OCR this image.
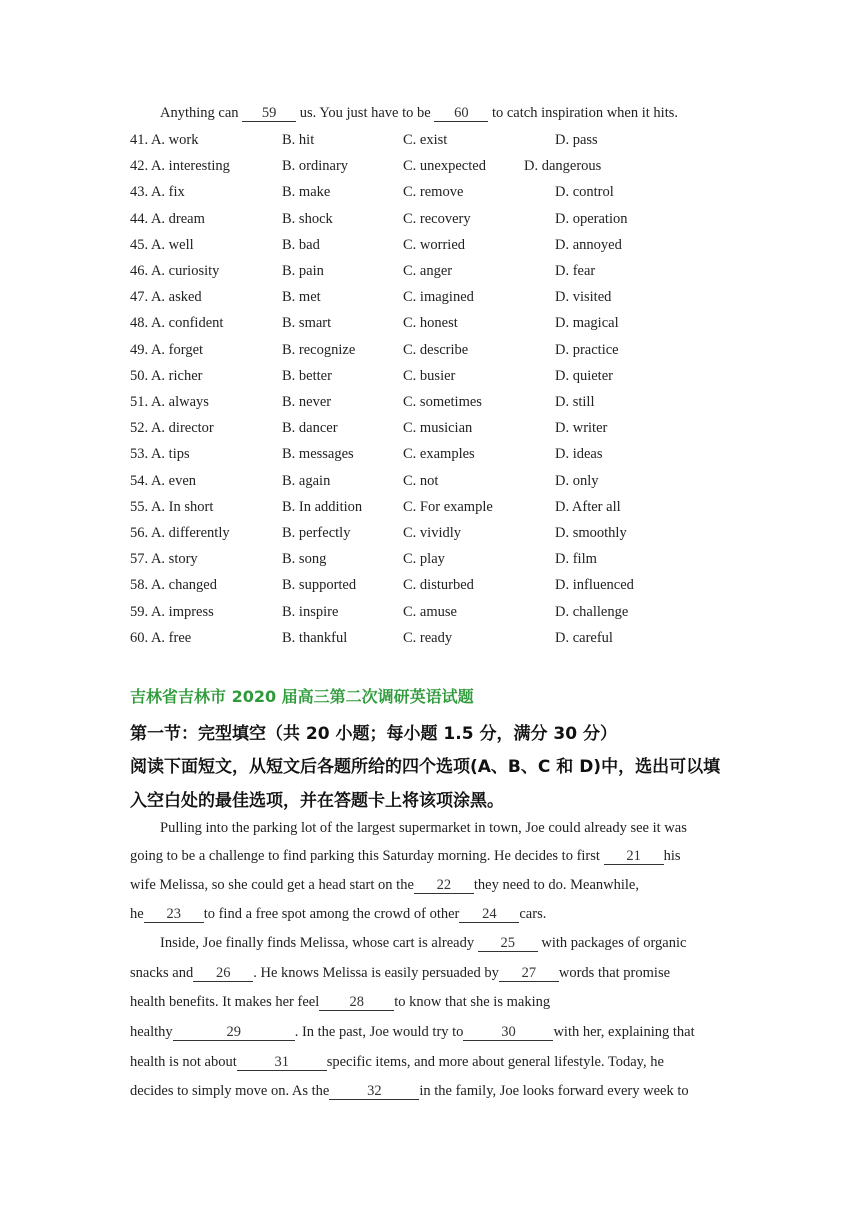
Anything can 59 us. You just have to be 60 to catch inspiration when it hits.
41. A. work	B. hit	C. exist	D. pass
42. A. interesting	B. ordinary	C. unexpected	D. dangerous
43. A. fix	B. make	C. remove	D. control
44. A. dream	B. shock	C. recovery	D. operation
45. A. well	B. bad	C. worried	D. annoyed
46. A. curiosity	B. pain	C. anger	D. fear
47. A. asked	B. met	C. imagined	D. visited
48. A. confident	B. smart	C. honest	D. magical
49. A. forget	B. recognize	C. describe	D. practice
50. A. richer	B. better	C. busier	D. quieter
51. A. always	B. never	C. sometimes	D. still
52. A. director	B. dancer	C. musician	D. writer
53. A. tips	B. messages	C. examples	D. ideas
54. A. even	B. again	C. not	D. only
55. A. In short	B. In addition	C. For example	D. After all
56. A. differently	B. perfectly	C. vividly	D. smoothly
57. A. story	B. song	C. play	D. film
58. A. changed	B. supported	C. disturbed	D. influenced
59. A. impress	B. inspire	C. amuse	D. challenge
60. A. free	B. thankful	C. ready	D. careful
吉林省吉林市 2020 届高三第二次调研英语试题
第一节：完型填空（共 20 小题；每小题 1.5 分，满分 30 分）
阅读下面短文，从短文后各题所给的四个选项(A、B、C 和 D)中，选出可以填
入空白处的最佳选项，并在答题卡上将该项涂黑。
Pulling into the parking lot of the largest supermarket in town, Joe could already see it was
going to be a challenge to find parking this Saturday morning. He decides to first 21 his
wife Melissa, so she could get a head start on the 22 they need to do. Meanwhile,
he 23 to find a free spot among the crowd of other 24 cars.
Inside, Joe finally finds Melissa, whose cart is already 25 with packages of organic
snacks and 26 . He knows Melissa is easily persuaded by 27 words that promise
health benefits. It makes her feel 28 to know that she is making
healthy	29	. In the past, Joe would try to	30	with her, explaining that
health is not about	31	specific items, and more about general lifestyle. Today, he
decides to simply move on. As the	32	in the family, Joe looks forward every week to
